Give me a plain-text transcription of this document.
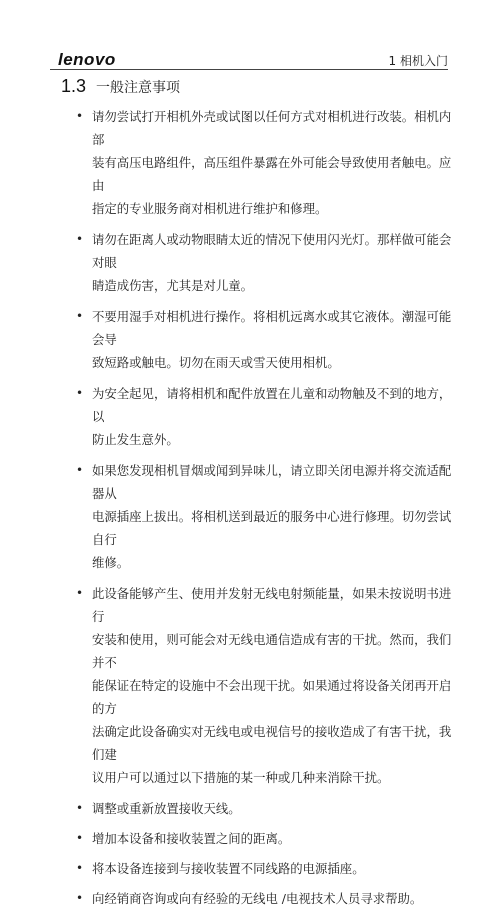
lenovo	1 相机入门
1.3 一般注意事项
• 请勿尝试打开相机外壳或试图以任何方式对相机进行改装。相机内部
装有高压电路组件，高压组件暴露在外可能会导致使用者触电。应由
指定的专业服务商对相机进行维护和修理。
• 请勿在距离人或动物眼睛太近的情况下使用闪光灯。那样做可能会对眼
睛造成伤害，尤其是对儿童。
• 不要用湿手对相机进行操作。将相机远离水或其它液体。潮湿可能会导
致短路或触电。切勿在雨天或雪天使用相机。
• 为安全起见，请将相机和配件放置在儿童和动物触及不到的地方，以
防止发生意外。
• 如果您发现相机冒烟或闻到异味儿，请立即关闭电源并将交流适配器从
电源插座上拔出。将相机送到最近的服务中心进行修理。切勿尝试自行
维修。
• 此设备能够产生、使用并发射无线电射频能量，如果未按说明书进行
安装和使用，则可能会对无线电通信造成有害的干扰。然而，我们并不
能保证在特定的设施中不会出现干扰。如果通过将设备关闭再开启的方
法确定此设备确实对无线电或电视信号的接收造成了有害干扰，我们建
议用户可以通过以下措施的某一种或几种来消除干扰。
• 调整或重新放置接收天线。
• 增加本设备和接收装置之间的距离。
• 将本设备连接到与接收装置不同线路的电源插座。
• 向经销商咨询或向有经验的无线电 /电视技术人员寻求帮助。
